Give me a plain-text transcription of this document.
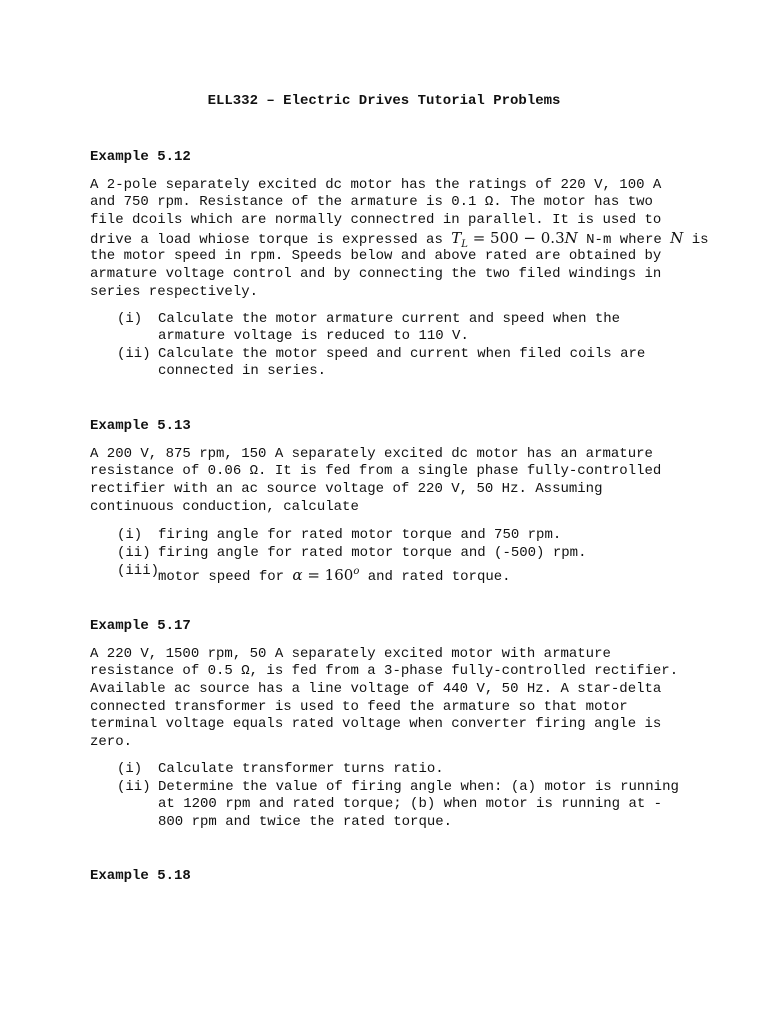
ELL332 – Electric Drives Tutorial Problems
Example 5.12
A 2-pole separately excited dc motor has the ratings of 220 V, 100 A
and 750 rpm. Resistance of the armature is 0.1 Ω. The motor has two
file dcoils which are normally connectred in parallel. It is used to
drive a load whiose torque is expressed as $T_L = 500 - 0.3N$ N-m where N is
the motor speed in rpm. Speeds below and above rated are obtained by
armature voltage control and by connecting the two filed windings in
series respectively.
(i) Calculate the motor armature current and speed when the
armature voltage is reduced to 110 V.
(ii) Calculate the motor speed and current when filed coils are
connected in series.
Example 5.13
A 200 V, 875 rpm, 150 A separately excited dc motor has an armature
resistance of 0.06 Ω. It is fed from a single phase fully-controlled
rectifier with an ac source voltage of 220 V, 50 Hz. Assuming
continuous conduction, calculate
(i) firing angle for rated motor torque and 750 rpm.
(ii) firing angle for rated motor torque and (-500) rpm.
(iii)
motor speed for $\alpha = 160^o$ and rated torque.
Example 5.17
A 220 V, 1500 rpm, 50 A separately excited motor with armature
resistance of 0.5 Ω, is fed from a 3-phase fully-controlled rectifier.
Available ac source has a line voltage of 440 V, 50 Hz. A star-delta
connected transformer is used to feed the armature so that motor
terminal voltage equals rated voltage when converter firing angle is
zero.
(i) Calculate transformer turns ratio.
(ii) Determine the value of firing angle when: (a) motor is running
at 1200 rpm and rated torque; (b) when motor is running at -
800 rpm and twice the rated torque.
Example 5.18
